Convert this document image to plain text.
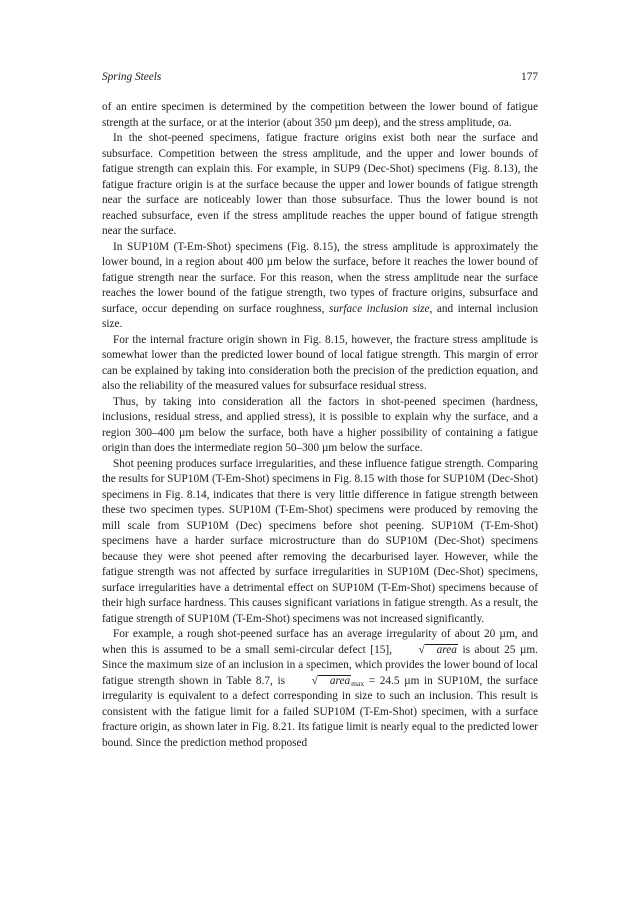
Spring Steels	177

of an entire specimen is determined by the competition between the lower bound of fatigue strength at the surface, or at the interior (about 350 µm deep), and the stress amplitude, σa.

In the shot-peened specimens, fatigue fracture origins exist both near the surface and subsurface. Competition between the stress amplitude, and the upper and lower bounds of fatigue strength can explain this. For example, in SUP9 (Dec-Shot) specimens (Fig. 8.13), the fatigue fracture origin is at the surface because the upper and lower bounds of fatigue strength near the surface are noticeably lower than those subsurface. Thus the lower bound is not reached subsurface, even if the stress amplitude reaches the upper bound of fatigue strength near the surface.

In SUP10M (T-Em-Shot) specimens (Fig. 8.15), the stress amplitude is approximately the lower bound, in a region about 400 µm below the surface, before it reaches the lower bound of fatigue strength near the surface. For this reason, when the stress amplitude near the surface reaches the lower bound of the fatigue strength, two types of fracture origins, subsurface and surface, occur depending on surface roughness, surface inclusion size, and internal inclusion size.

For the internal fracture origin shown in Fig. 8.15, however, the fracture stress amplitude is somewhat lower than the predicted lower bound of local fatigue strength. This margin of error can be explained by taking into consideration both the precision of the prediction equation, and also the reliability of the measured values for subsurface residual stress.

Thus, by taking into consideration all the factors in shot-peened specimen (hardness, inclusions, residual stress, and applied stress), it is possible to explain why the surface, and a region 300–400 µm below the surface, both have a higher possibility of containing a fatigue origin than does the intermediate region 50–300 µm below the surface.

Shot peening produces surface irregularities, and these influence fatigue strength. Comparing the results for SUP10M (T-Em-Shot) specimens in Fig. 8.15 with those for SUP10M (Dec-Shot) specimens in Fig. 8.14, indicates that there is very little difference in fatigue strength between these two specimen types. SUP10M (T-Em-Shot) specimens were produced by removing the mill scale from SUP10M (Dec) specimens before shot peening. SUP10M (T-Em-Shot) specimens have a harder surface microstructure than do SUP10M (Dec-Shot) specimens because they were shot peened after removing the decarburised layer. However, while the fatigue strength was not affected by surface irregularities in SUP10M (Dec-Shot) specimens, surface irregularities have a detrimental effect on SUP10M (T-Em-Shot) specimens because of their high surface hardness. This causes significant variations in fatigue strength. As a result, the fatigue strength of SUP10M (T-Em-Shot) specimens was not increased significantly.

For example, a rough shot-peened surface has an average irregularity of about 20 µm, and when this is assumed to be a small semi-circular defect [15], √ area is about 25 µm. Since the maximum size of an inclusion in a specimen, which provides the lower bound of local fatigue strength shown in Table 8.7, is √ area$_{max}$ = 24.5 µm in SUP10M, the surface irregularity is equivalent to a defect corresponding in size to such an inclusion. This result is consistent with the fatigue limit for a failed SUP10M (T-Em-Shot) specimen, with a surface fracture origin, as shown later in Fig. 8.21. Its fatigue limit is nearly equal to the predicted lower bound. Since the prediction method proposed
